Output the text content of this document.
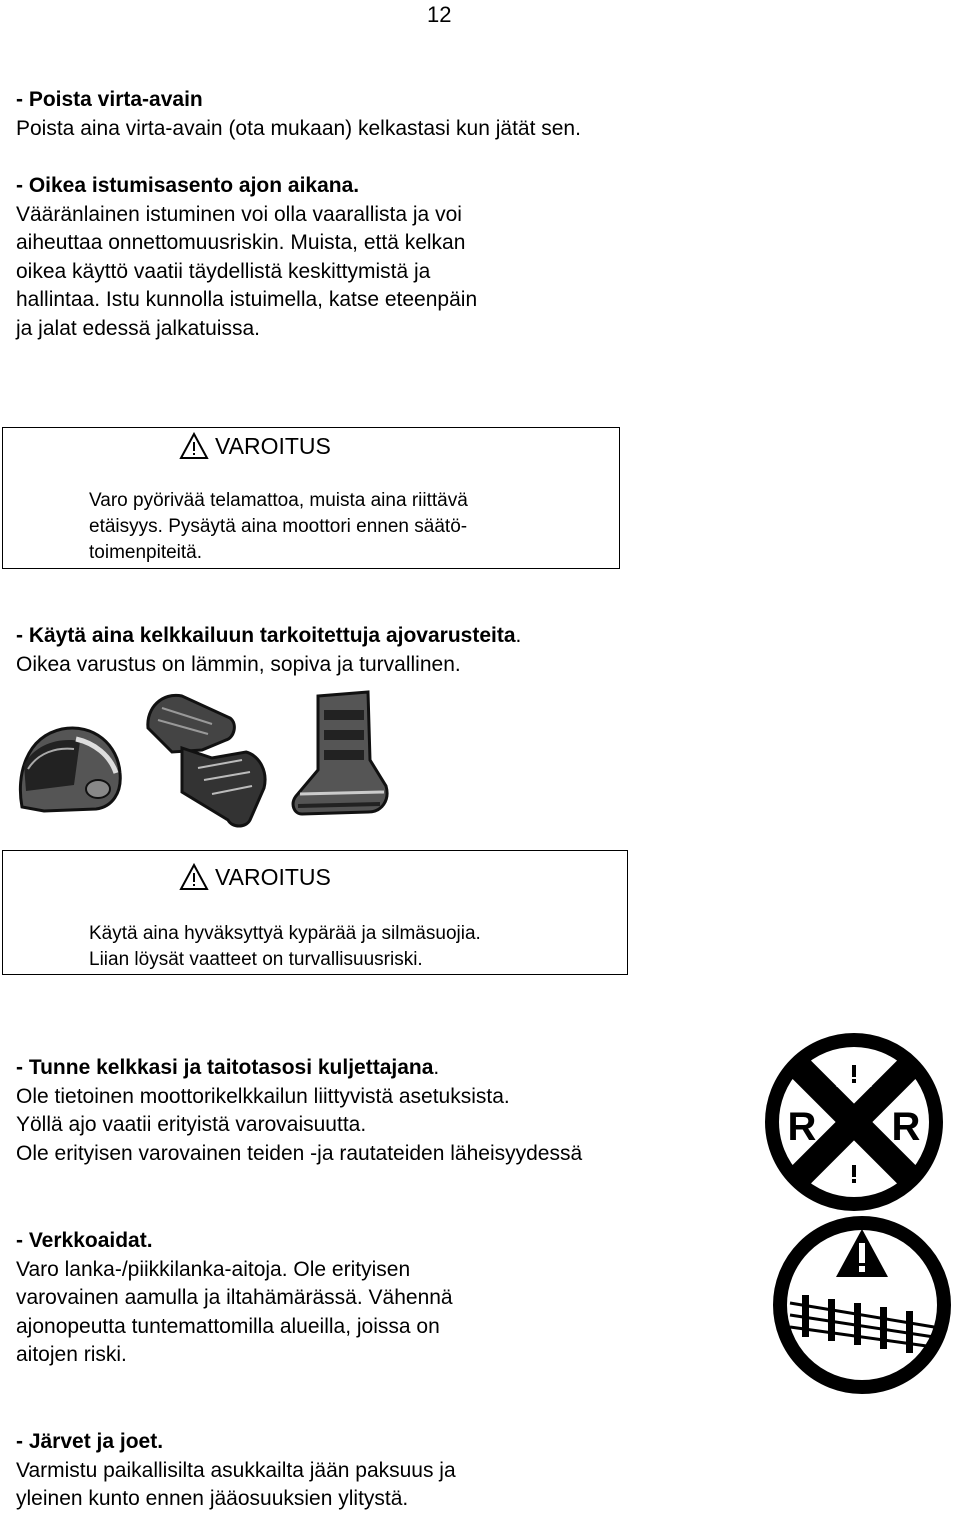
12
- Poista virta-avain
Poista aina virta-avain (ota mukaan) kelkastasi kun jätät sen.
- Oikea istumisasento ajon aikana.
Vääränlainen istuminen voi olla vaarallista ja voi
aiheuttaa onnettomuusriskin. Muista, että kelkan
oikea käyttö vaatii täydellistä keskittymistä ja
hallintaa. Istu kunnolla istuimella, katse eteenpäin
ja jalat edessä jalkatuissa.
VAROITUS
Varo pyörivää telamattoa, muista aina riittävä
etäisyys. Pysäytä aina moottori ennen säätö-
toimenpiteitä.
- Käytä aina kelkkailuun tarkoitettuja ajovarusteita.
Oikea varustus on lämmin, sopiva ja turvallinen.
VAROITUS
Käytä aina hyväksyttyä kypärää ja silmäsuojia.
Liian löysät vaatteet on turvallisuusriski.
- Tunne kelkkasi ja taitotasosi kuljettajana.
Ole tietoinen moottorikelkkailun liittyvistä asetuksista.
Yöllä ajo vaatii erityistä varovaisuutta.
Ole erityisen varovainen teiden -ja rautateiden läheisyydessä
R R
- Verkkoaidat.
Varo lanka-/piikkilanka-aitoja. Ole erityisen
varovainen aamulla ja iltahämärässä. Vähennä
ajonopeutta tuntemattomilla alueilla, joissa on
aitojen riski.
- Järvet ja joet.
Varmistu paikallisilta asukkailta jään paksuus ja
yleinen kunto ennen jääosuuksien ylitystä.
